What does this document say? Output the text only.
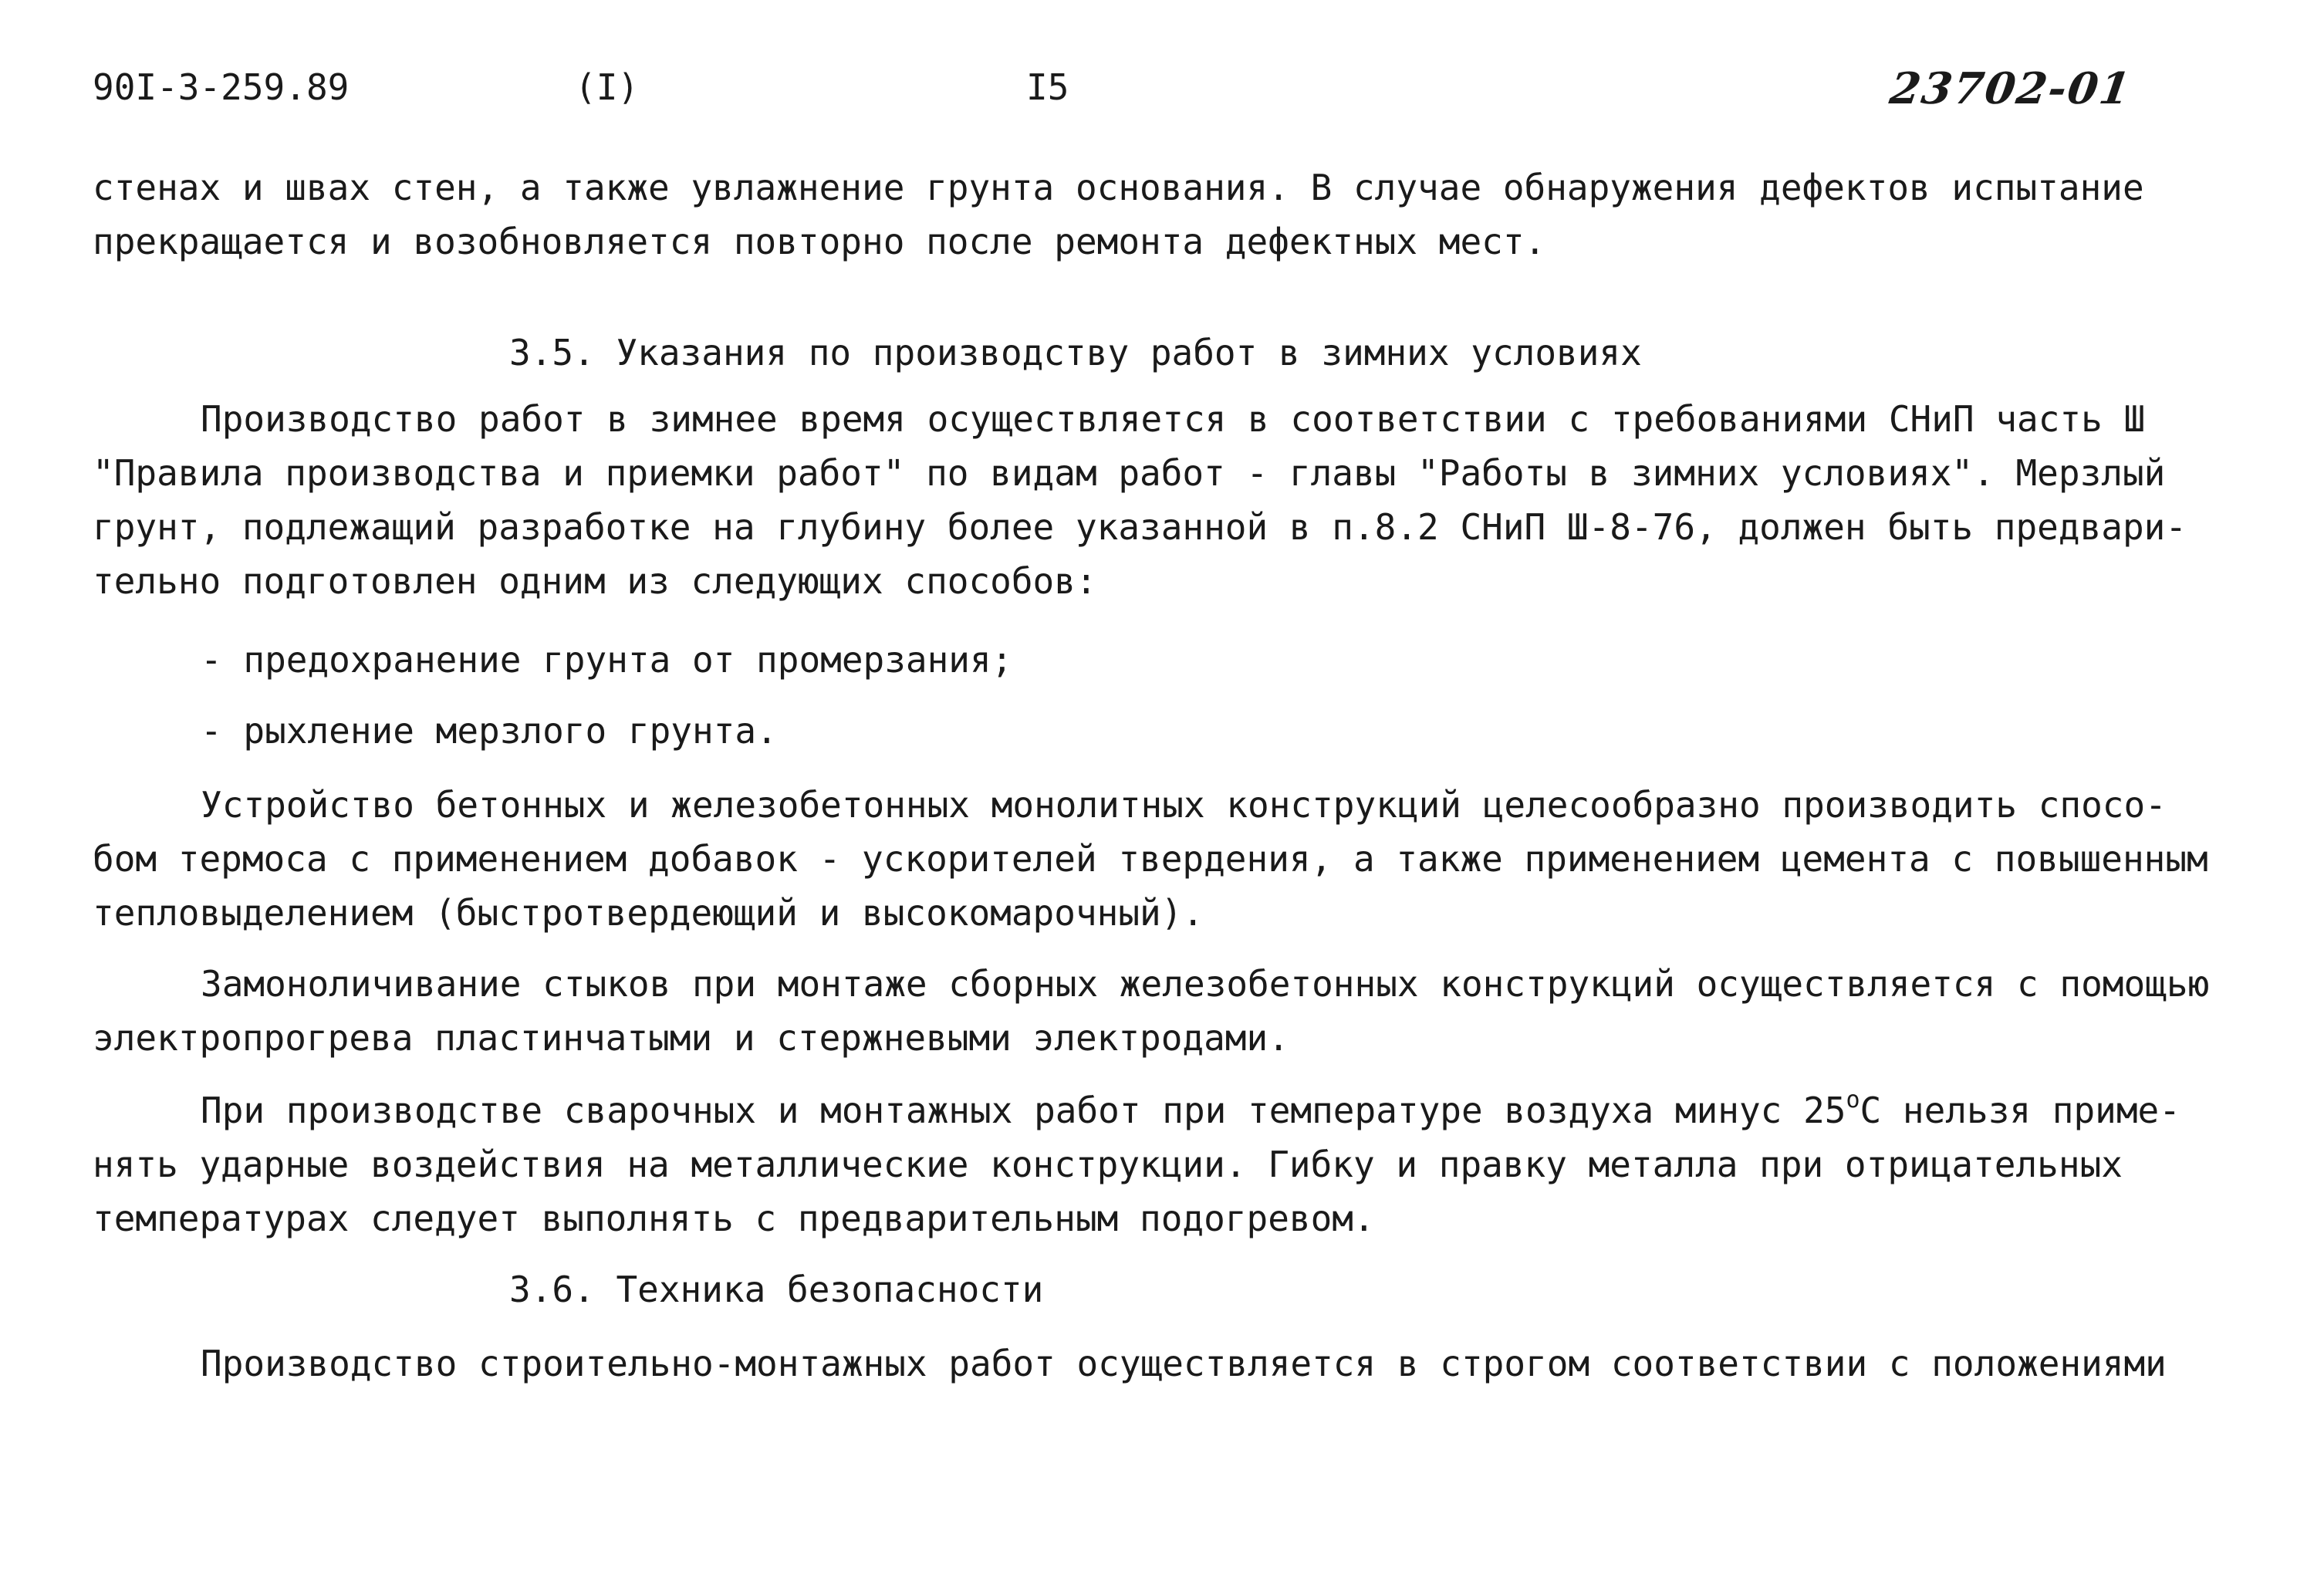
90I-3-259.89	(I)	I5	23702-01
стенах и швах стен, а также увлажнение грунта основания. В случае обнаружения дефектов испытание
прекращается и возобновляется повторно после ремонта дефектных мест.
3.5. Указания по производству работ в зимних условиях
Производство работ в зимнее время осуществляется в соответствии с требованиями СНиП часть Ш
"Правила производства и приемки работ" по видам работ - главы "Работы в зимних условиях". Мерзлый
грунт, подлежащий разработке на глубину более указанной в п.8.2 СНиП Ш-8-76, должен быть предвари-
тельно подготовлен одним из следующих способов:
- предохранение грунта от промерзания;
- рыхление мерзлого грунта.
Устройство бетонных и железобетонных монолитных конструкций целесообразно производить спосо-
бом термоса с применением добавок - ускорителей твердения, а также применением цемента с повышенным
тепловыделением (быстротвердеющий и высокомарочный).
Замоноличивание стыков при монтаже сборных железобетонных конструкций осуществляется с помощью
электропрогрева пластинчатыми и стержневыми электродами.
При производстве сварочных и монтажных работ при температуре воздуха минус $25^оС$ нельзя приме-
нять ударные воздействия на металлические конструкции. Гибку и правку металла при отрицательных
температурах следует выполнять с предварительным подогревом.
3.6. Техника безопасности
Производство строительно-монтажных работ осуществляется в строгом соответствии с положениями
